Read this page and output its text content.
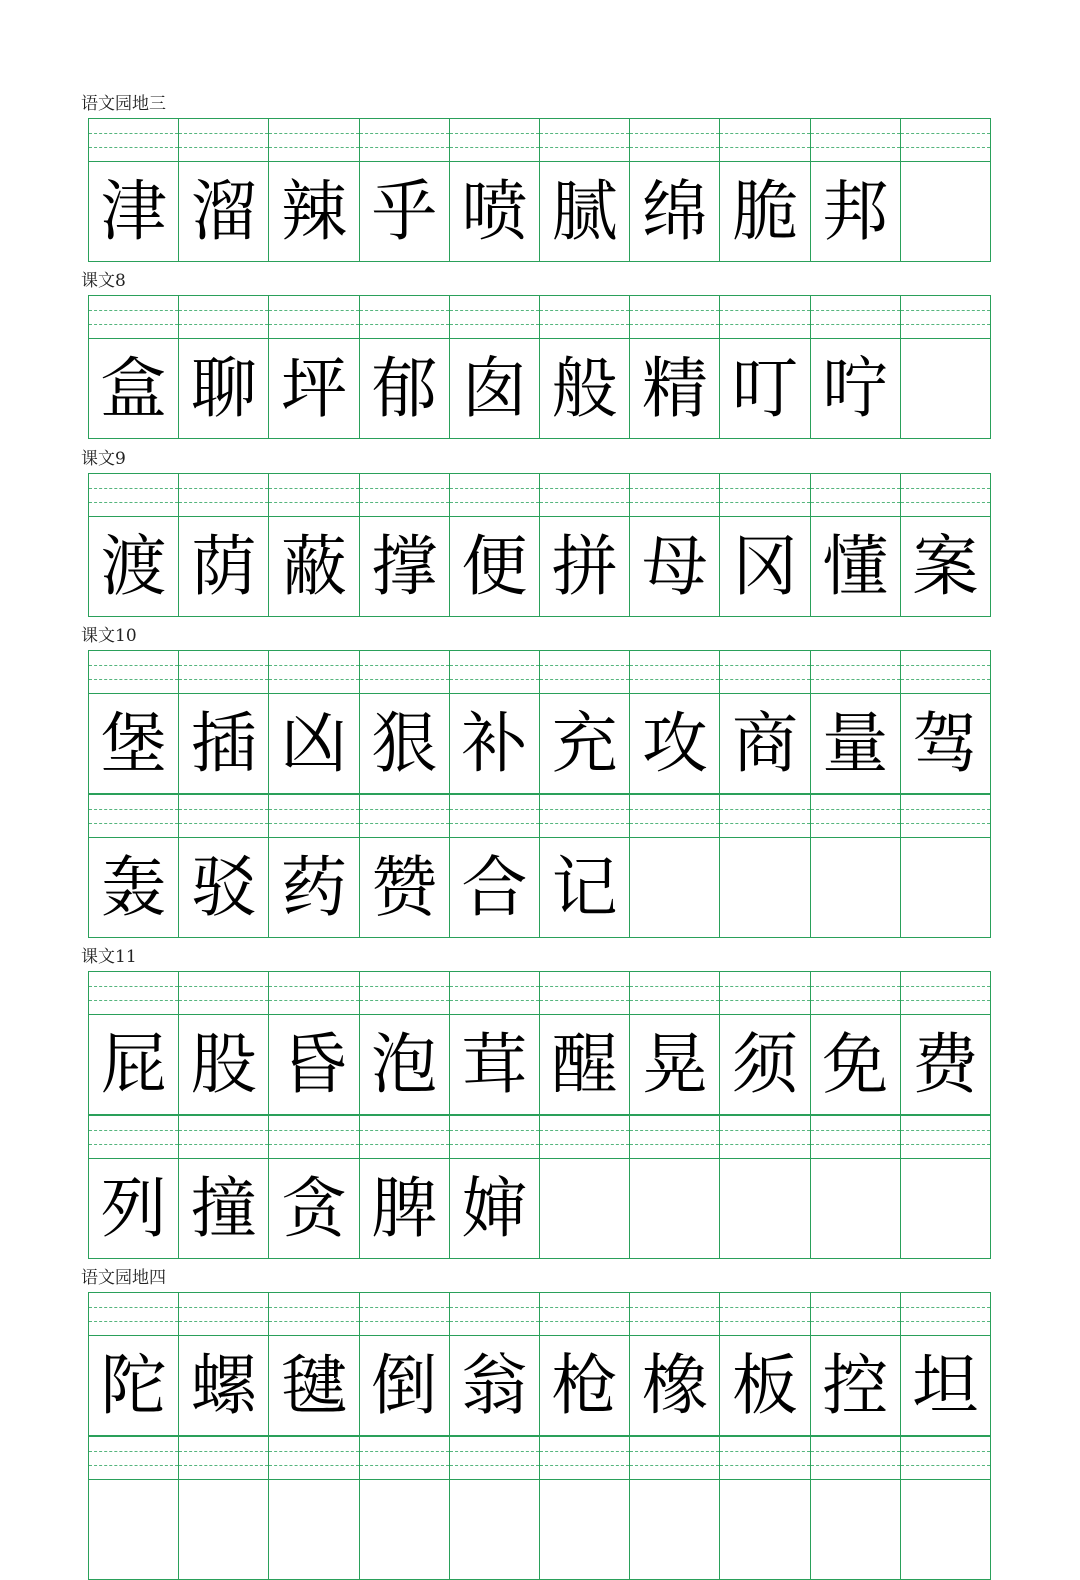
语文园地三
津 溜 辣 乎 喷 腻 绵 脆 邦
课文8
盒 聊 坪 郁 囱 般 精 叮 咛
课文9
渡 荫 蔽 撑 便 拼 母 冈 懂 案
课文10
堡 插 凶 狠 补 充 攻 商 量 驾
轰 驳 药 赞 合 记
课文11
屁 股 昏 泡 茸 醒 晃 须 免 费
列 撞 贪 脾 婶
语文园地四
陀 螺 毽 倒 翁 枪 橡 板 控 坦
